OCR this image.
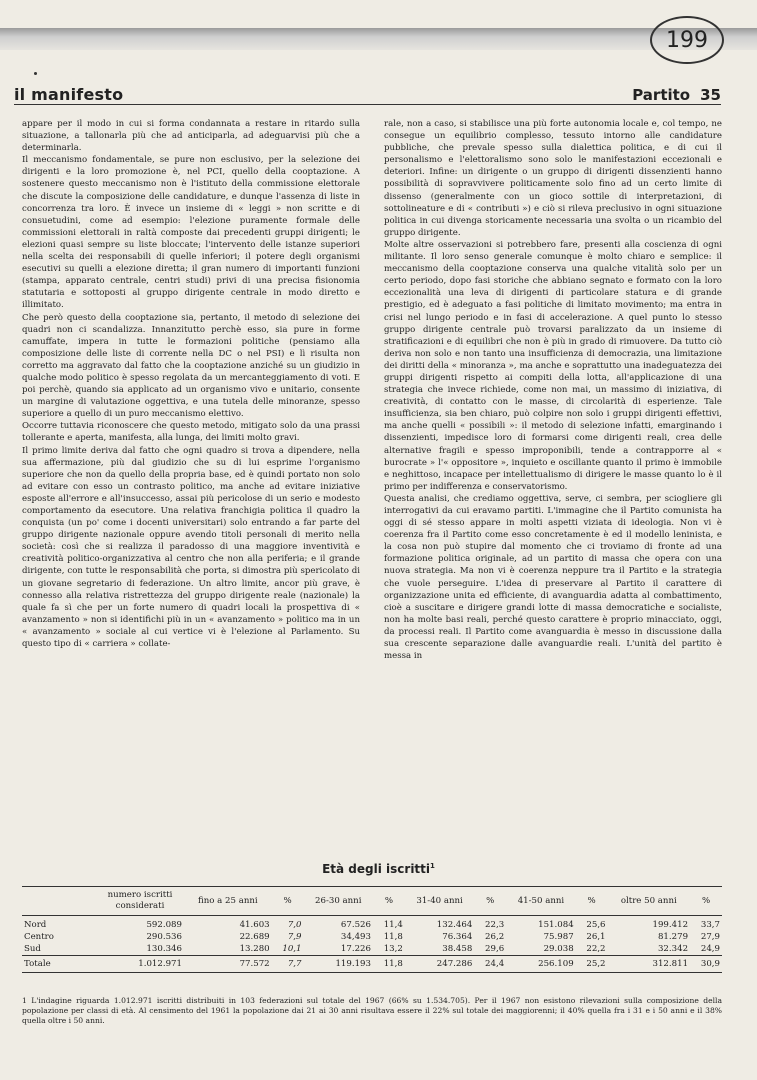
199
il manifesto	Partito 35

appare per il modo in cui si forma condannata a restare in ritardo sulla situazione, a tallonarla più che ad anticiparla, ad adeguarvisi più che a determinarla.

Il meccanismo fondamentale, se pure non esclusivo, per la selezione dei dirigenti e la loro promozione è, nel PCI, quello della cooptazione. A sostenere questo meccanismo non è l'istituto della commissione elettorale che discute la composizione delle candidature, e dunque l'assenza di liste in concorrenza tra loro. È invece un insieme di « leggi » non scritte e di consuetudini, come ad esempio: l'elezione puramente formale delle commissioni elettorali in raltà composte dai precedenti gruppi dirigenti; le elezioni quasi sempre su liste bloccate; l'intervento delle istanze superiori nella scelta dei responsabili di quelle inferiori; il potere degli organismi esecutivi su quelli a elezione diretta; il gran numero di importanti funzioni (stampa, apparato centrale, centri studi) privi di una precisa fisionomia statutaria e sottoposti al gruppo dirigente centrale in modo diretto e illimitato.

Che però questo della cooptazione sia, pertanto, il metodo di selezione dei quadri non ci scandalizza. Innanzitutto perchè esso, sia pure in forme camuffate, impera in tutte le formazioni politiche (pensiamo alla composizione delle liste di corrente nella DC o nel PSI) e lì risulta non corretto ma aggravato dal fatto che la cooptazione anziché su un giudizio in qualche modo politico è spesso regolata da un mercanteggiamento di voti. E poi perchè, quando sia applicato ad un organismo vivo e unitario, consente un margine di valutazione oggettiva, e una tutela delle minoranze, spesso superiore a quello di un puro meccanismo elettivo.

Occorre tuttavia riconoscere che questo metodo, mitigato solo da una prassi tollerante e aperta, manifesta, alla lunga, dei limiti molto gravi.

Il primo limite deriva dal fatto che ogni quadro si trova a dipendere, nella sua affermazione, più dal giudizio che su di lui esprime l'organismo superiore che non da quello della propria base, ed è quindi portato non solo ad evitare con esso un contrasto politico, ma anche ad evitare iniziative esposte all'errore e all'insuccesso, assai più pericolose di un serio e modesto comportamento da esecutore. Una relativa franchigia politica il quadro la conquista (un po' come i docenti universitari) solo entrando a far parte del gruppo dirigente nazionale oppure avendo titoli personali di merito nella società: così che si realizza il paradosso di una maggiore inventività e creatività politico-organizzativa al centro che non alla periferia; e il grande dirigente, con tutte le responsabilità che porta, si dimostra più spericolato di un giovane segretario di federazione. Un altro limite, ancor più grave, è connesso alla relativa ristrettezza del gruppo dirigente reale (nazionale) la quale fa sì che per un forte numero di quadri locali la prospettiva di « avanzamento » non si identifichi più in un « avanzamento » politico ma in un « avanzamento » sociale al cui vertice vi è l'elezione al Parlamento. Su questo tipo di « carriera » collate-

rale, non a caso, si stabilisce una più forte autonomia locale e, col tempo, ne consegue un equilibrio complesso, tessuto intorno alle candidature pubbliche, che prevale spesso sulla dialettica politica, e di cui il personalismo e l'elettoralismo sono solo le manifestazioni eccezionali e deteriori. Infine: un dirigente o un gruppo di dirigenti dissenzienti hanno possibilità di sopravvivere politicamente solo fino ad un certo limite di dissenso (generalmente con un gioco sottile di interpretazioni, di sottolineature e di « contributi ») e ciò si rileva preclusivo in ogni situazione politica in cui divenga storicamente necessaria una svolta o un ricambio del gruppo dirigente.

Molte altre osservazioni si potrebbero fare, presenti alla coscienza di ogni militante. Il loro senso generale comunque è molto chiaro e semplice: il meccanismo della cooptazione conserva una qualche vitalità solo per un certo periodo, dopo fasi storiche che abbiano segnato e formato con la loro eccezionalità una leva di dirigenti di particolare statura e di grande prestigio, ed è adeguato a fasi politiche di limitato movimento; ma entra in crisi nel lungo periodo e in fasi di accelerazione. A quel punto lo stesso gruppo dirigente centrale può trovarsi paralizzato da un insieme di stratificazioni e di equilibri che non è più in grado di rimuovere. Da tutto ciò deriva non solo e non tanto una insufficienza di democrazia, una limitazione dei diritti della « minoranza », ma anche e soprattutto una inadeguatezza dei gruppi dirigenti rispetto ai compiti della lotta, all'applicazione di una strategia che invece richiede, come non mai, un massimo di iniziativa, di creatività, di contatto con le masse, di circolarità di esperienze. Tale insufficienza, sia ben chiaro, può colpire non solo i gruppi dirigenti effettivi, ma anche quelli « possibili »: il metodo di selezione infatti, emarginando i dissenzienti, impedisce loro di formarsi come dirigenti reali, crea delle alternative fragili e spesso improponibili, tende a contrapporre al « burocrate » l'« oppositore », inquieto e oscillante quanto il primo è immobile e neghittoso, incapace per intellettualismo di dirigere le masse quanto lo è il primo per indifferenza e conservatorismo.

Questa analisi, che crediamo oggettiva, serve, ci sembra, per sciogliere gli interrogativi da cui eravamo partiti. L'immagine che il Partito comunista ha oggi di sé stesso appare in molti aspetti viziata di ideologia. Non vi è coerenza fra il Partito come esso concretamente è ed il modello leninista, e la cosa non può stupire dal momento che ci troviamo di fronte ad una formazione politica originale, ad un partito di massa che opera con una nuova strategia. Ma non vi è coerenza neppure tra il Partito e la strategia che vuole perseguire. L'idea di preservare al Partito il carattere di organizzazione unita ed efficiente, di avanguardia adatta al combattimento, cioè a suscitare e dirigere grandi lotte di massa democratiche e socialiste, non ha molte basi reali, perché questo carattere è proprio minacciato, oggi, da processi reali. Il Partito come avanguardia è messo in discussione dalla sua crescente separazione dalle avanguardie reali. L'unità del partito è messa in

Età degli iscritti$^1$
	numero iscritti considerati	fino a 25 anni	%	26-30 anni	%	31-40 anni	%	41-50 anni	%	oltre 50 anni	%
Nord	592.089	41.603	7,0	67.526	11,4	132.464	22,3	151.084	25,6	199.412	33,7
Centro	290.536	22.689	7,9	34,493	11,8	76.364	26,2	75.987	26,1	81.279	27,9
Sud	130.346	13.280	10,1	17.226	13,2	38.458	29,6	29.038	22,2	32.342	24,9
Totale	1.012.971	77.572	7,7	119.193	11,8	247.286	24,4	256.109	25,2	312.811	30,9
1 L'indagine riguarda 1.012.971 iscritti distribuiti in 103 federazioni sul totale del 1967 (66% su 1.534.705). Per il 1967 non esistono rilevazioni sulla composizione della popolazione per classi di età. Al censimento del 1961 la popolazione dai 21 ai 30 anni risultava essere il 22% sul totale dei maggiorenni; il 40% quella fra i 31 e i 50 anni e il 38% quella oltre i 50 anni.
